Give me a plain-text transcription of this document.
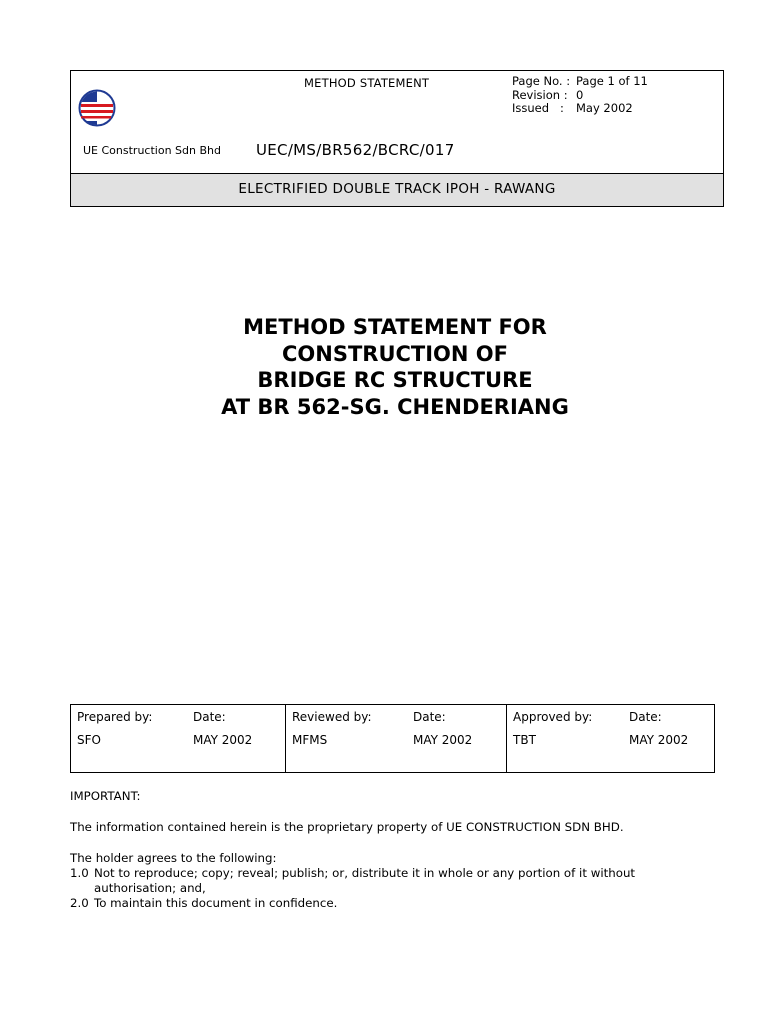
METHOD STATEMENT	Page No. : Page 1 of 11
Revision : 0
Issued   :	May 2002
UE Construction Sdn Bhd UEC/MS/BR562/BCRC/017
ELECTRIFIED DOUBLE TRACK IPOH - RAWANG
METHOD STATEMENT FOR
CONSTRUCTION OF
BRIDGE RC STRUCTURE
AT BR 562-SG. CHENDERIANG
Prepared by:
SFO
Date:
MAY 2002
Reviewed by:
MFMS
Date:
MAY 2002
Approved by:
TBT
Date:
MAY 2002

IMPORTANT:

The information contained herein is the proprietary property of UE CONSTRUCTION SDN BHD.

The holder agrees to the following:

1.0 Not to reproduce; copy; reveal; publish; or, distribute it in whole or any portion of it without authorisation; and,
2.0 To maintain this document in confidence.
